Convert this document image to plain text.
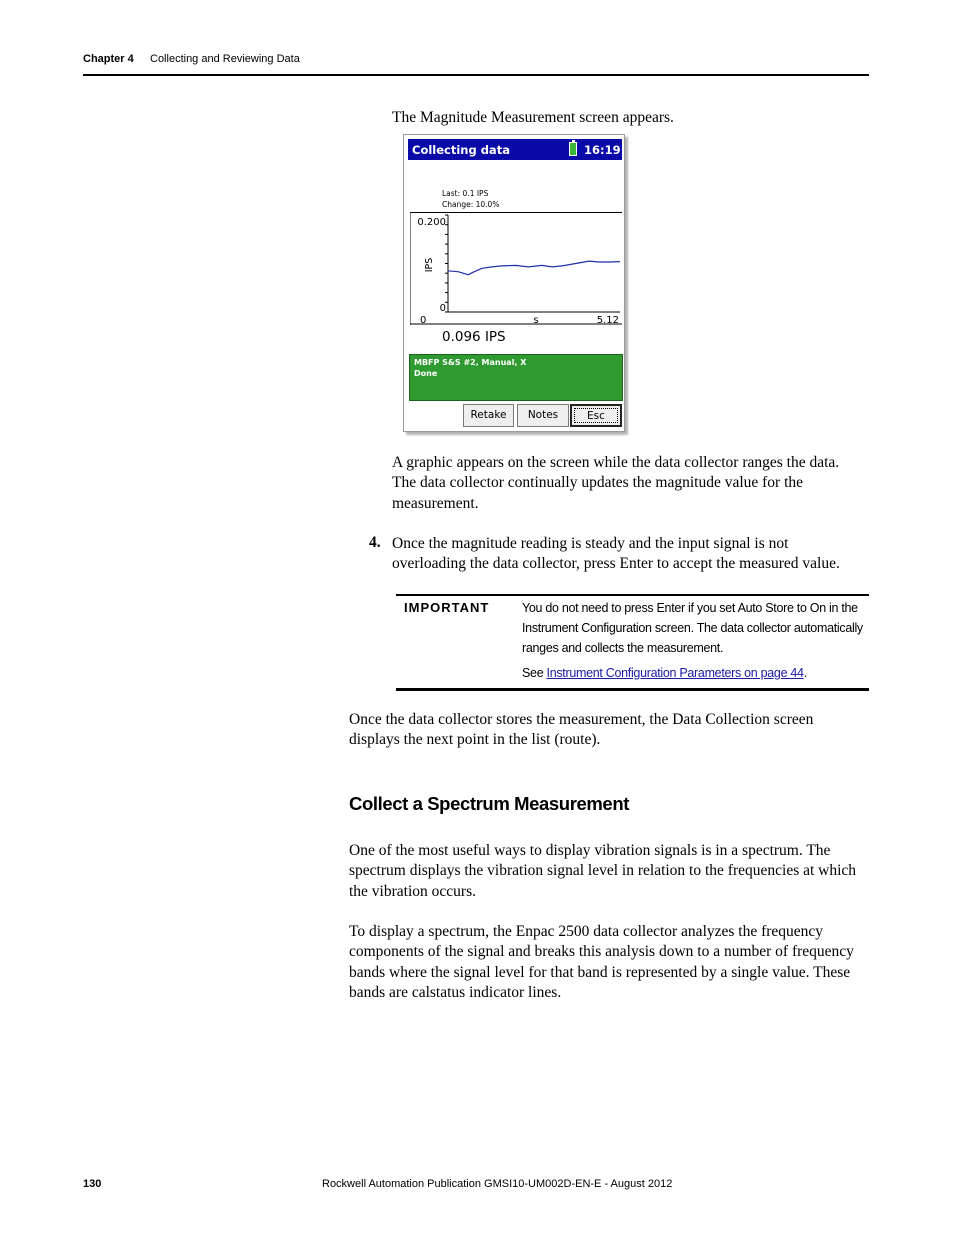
Chapter 4 Collecting and Reviewing Data
The Magnitude Measurement screen appears.
Collecting data	16:19
Last: 0.1 IPS
Change: 10.0%
0.200
0
IPS
0	s	5.12
0.096 IPS
MBFP S&S #2, Manual, X
Done
Retake	Notes	Esc
A graphic appears on the screen while the data collector ranges the data.
The data collector continually updates the magnitude value for the
measurement.
4. Once the magnitude reading is steady and the input signal is not
overloading the data collector, press Enter to accept the measured value.
IMPORTANT	You do not need to press Enter if you set Auto Store to On in the
Instrument Configuration screen. The data collector automatically
ranges and collects the measurement.
See Instrument Configuration Parameters on page 44.
Once the data collector stores the measurement, the Data Collection screen
displays the next point in the list (route).
Collect a Spectrum Measurement
One of the most useful ways to display vibration signals is in a spectrum. The
spectrum displays the vibration signal level in relation to the frequencies at which
the vibration occurs.
To display a spectrum, the Enpac 2500 data collector analyzes the frequency
components of the signal and breaks this analysis down to a number of frequency
bands where the signal level for that band is represented by a single value. These
bands are calstatus indicator lines.
130	Rockwell Automation Publication GMSI10-UM002D-EN-E - August 2012
